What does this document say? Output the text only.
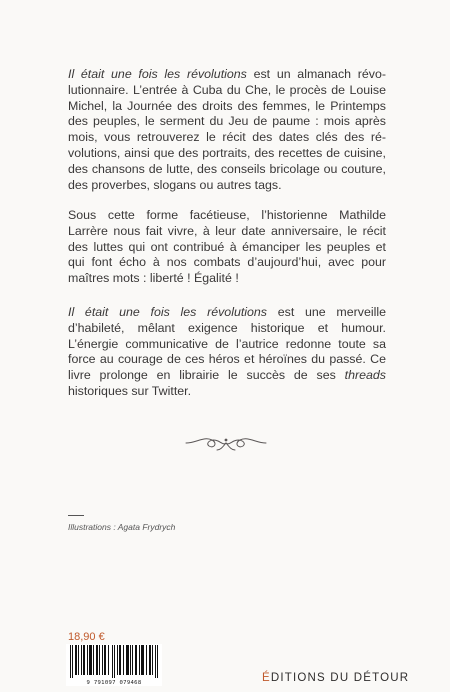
Il était une fois les révolutions est un almanach révolutionnaire. L’entrée à Cuba du Che, le procès de Louise Michel, la Journée des droits des femmes, le Printemps des peuples, le serment du Jeu de paume : mois après mois, vous retrouverez le récit des dates clés des révolutions, ainsi que des portraits, des recettes de cuisine, des chansons de lutte, des conseils bricolage ou couture, des proverbes, slogans ou autres tags.
Sous cette forme facétieuse, l’historienne Mathilde Larrère nous fait vivre, à leur date anniversaire, le récit des luttes qui ont contribué à émanciper les peuples et qui font écho à nos combats d’aujourd’hui, avec pour maîtres mots : liberté ! Égalité !
Il était une fois les révolutions est une merveille d’habileté, mêlant exigence historique et humour. L’énergie communicative de l’autrice redonne toute sa force au courage de ces héros et héroïnes du passé. Ce livre prolonge en librairie le succès de ses threads historiques sur Twitter.
Illustrations : Agata Frydrych
18,90 €
9 791097 079468	ÉDITIONS DU DÉTOUR
